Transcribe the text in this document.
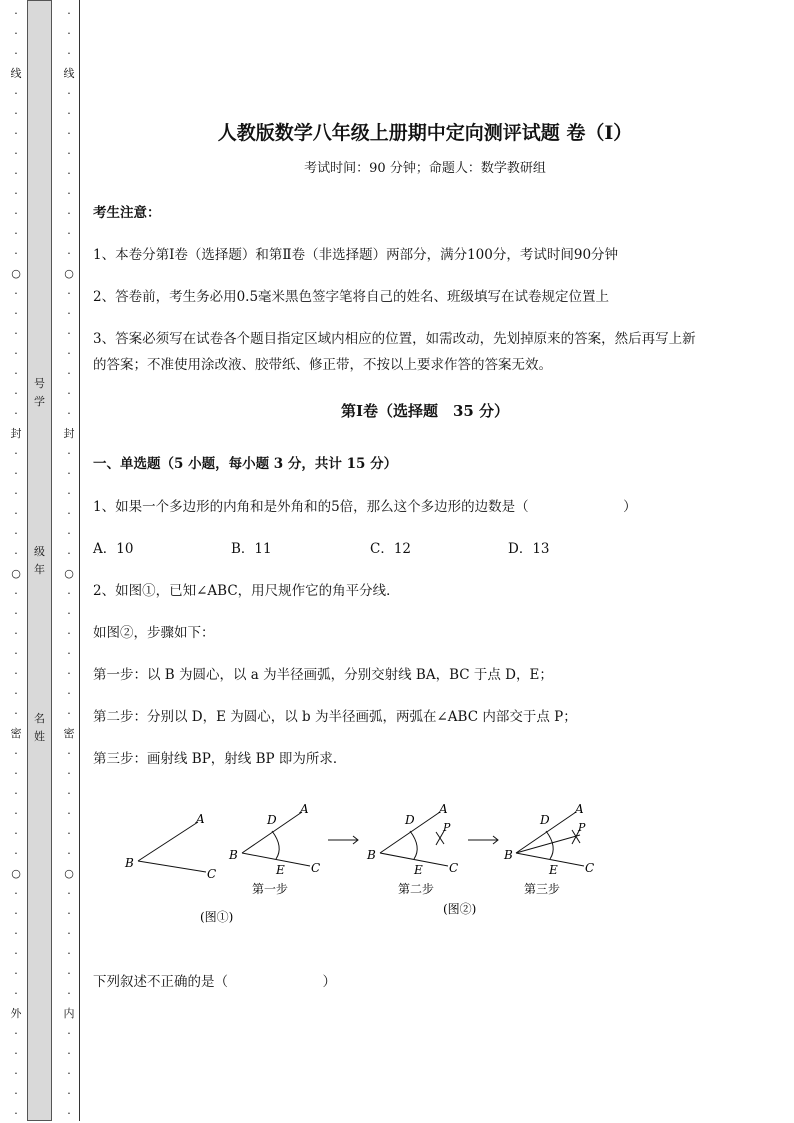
·
·
·
线
·
·
·
·
·
·
·
·
·
○
·
·
·
·
·
·
·
封
·
·
·
·
·
·
○
·
·
·
·
·
·
·
密
·
·
·
·
·
·
○
·
·
·
·
·
·
外
·
·
·
·
·
号学
级年
名姓
·
·
·
线
·
·
·
·
·
·
·
·
·
○
·
·
·
·
·
·
·
封
·
·
·
·
·
·
○
·
·
·
·
·
·
·
密
·
·
·
·
·
·
○
·
·
·
·
·
·
内
·
·
·
·
·
人教版数学八年级上册期中定向测评试题 卷（Ⅰ）
考试时间：90 分钟；命题人：数学教研组
考生注意：
1、本卷分第Ⅰ卷（选择题）和第Ⅱ卷（非选择题）两部分，满分100分，考试时间90分钟
2、答卷前，考生务必用0.5毫米黑色签字笔将自己的姓名、班级填写在试卷规定位置上
3、答案必须写在试卷各个题目指定区域内相应的位置，如需改动，先划掉原来的答案，然后再写上新
的答案；不准使用涂改液、胶带纸、修正带，不按以上要求作答的答案无效。
第Ⅰ卷（选择题　35 分）
一、单选题（5 小题，每小题 3 分，共计 15 分）
1、如果一个多边形的内角和是外角和的5倍，那么这个多边形的边数是（　　　　　　　）
A．10	B．11	C．12	D．13
2、如图①，已知∠ABC，用尺规作它的角平分线．
如图②，步骤如下：
第一步：以 B 为圆心，以 a 为半径画弧，分别交射线 BA，BC 于点 D，E；
第二步：分别以 D，E 为圆心，以 b 为半径画弧，两弧在∠ABC 内部交于点 P；
第三步：画射线 BP，射线 BP 即为所求．
A
B
C
(图①)
A
B
C
D
E
第一步
A
B
C
D
E
P
第二步
A
B
C
D
E
P
第三步
(图②)
下列叙述不正确的是（　　　　　　　）
